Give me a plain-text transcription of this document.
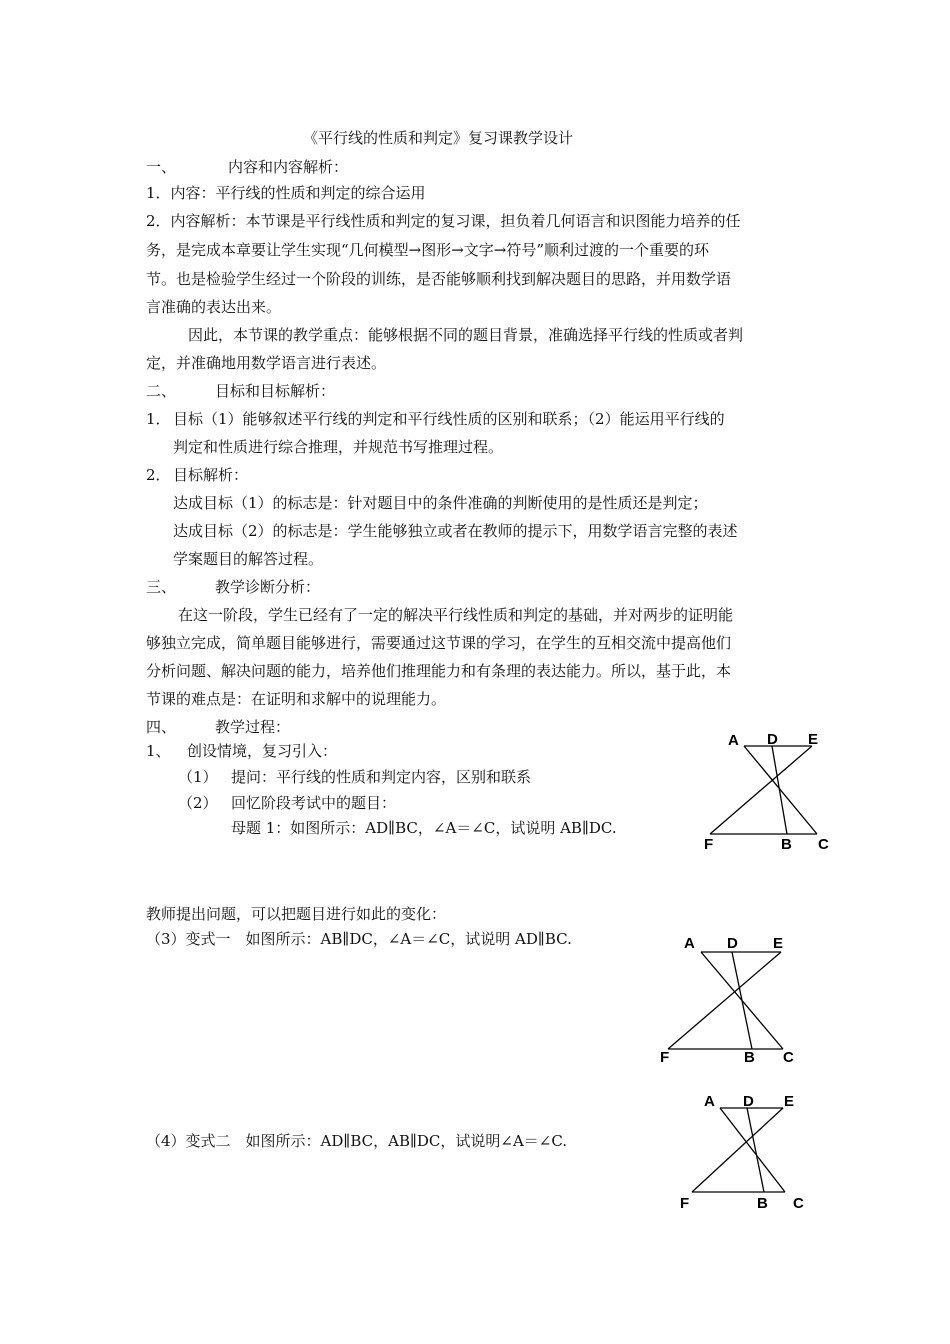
《平行线的性质和判定》复习课教学设计
一、	内容和内容解析：
1．内容：平行线的性质和判定的综合运用
2．内容解析：本节课是平行线性质和判定的复习课，担负着几何语言和识图能力培养的任
务，是完成本章要让学生实现“几何模型→图形→文字→符号”顺利过渡的一个重要的环
节。也是检验学生经过一个阶段的训练，是否能够顺利找到解决题目的思路，并用数学语
言准确的表达出来。
因此，本节课的教学重点：能够根据不同的题目背景，准确选择平行线的性质或者判
定，并准确地用数学语言进行表述。
二、	目标和目标解析：
1． 目标（1）能够叙述平行线的判定和平行线性质的区别和联系；（2）能运用平行线的
判定和性质进行综合推理，并规范书写推理过程。
2． 目标解析：
达成目标（1）的标志是：针对题目中的条件准确的判断使用的是性质还是判定；
达成目标（2）的标志是：学生能够独立或者在教师的提示下，用数学语言完整的表述
学案题目的解答过程。
三、	教学诊断分析：
在这一阶段，学生已经有了一定的解决平行线性质和判定的基础，并对两步的证明能
够独立完成，简单题目能够进行，需要通过这节课的学习，在学生的互相交流中提高他们
分析问题、解决问题的能力，培养他们推理能力和有条理的表达能力。所以，基于此，本
节课的难点是：在证明和求解中的说理能力。
四、	教学过程：
1、 创设情境，复习引入：
（1） 提问：平行线的性质和判定内容，区别和联系
（2） 回忆阶段考试中的题目：
母题 1：如图所示：AD∥BC，∠A＝∠C，试说明 AB∥DC.
教师提出问题，可以把题目进行如此的变化：
（3）变式一　如图所示：AB∥DC，∠A＝∠C，试说明 AD∥BC.
（4）变式二　如图所示：AD∥BC，AB∥DC，试说明∠A＝∠C.
A D E
F	B C
A D E
F	B C
A D E
F	B C
